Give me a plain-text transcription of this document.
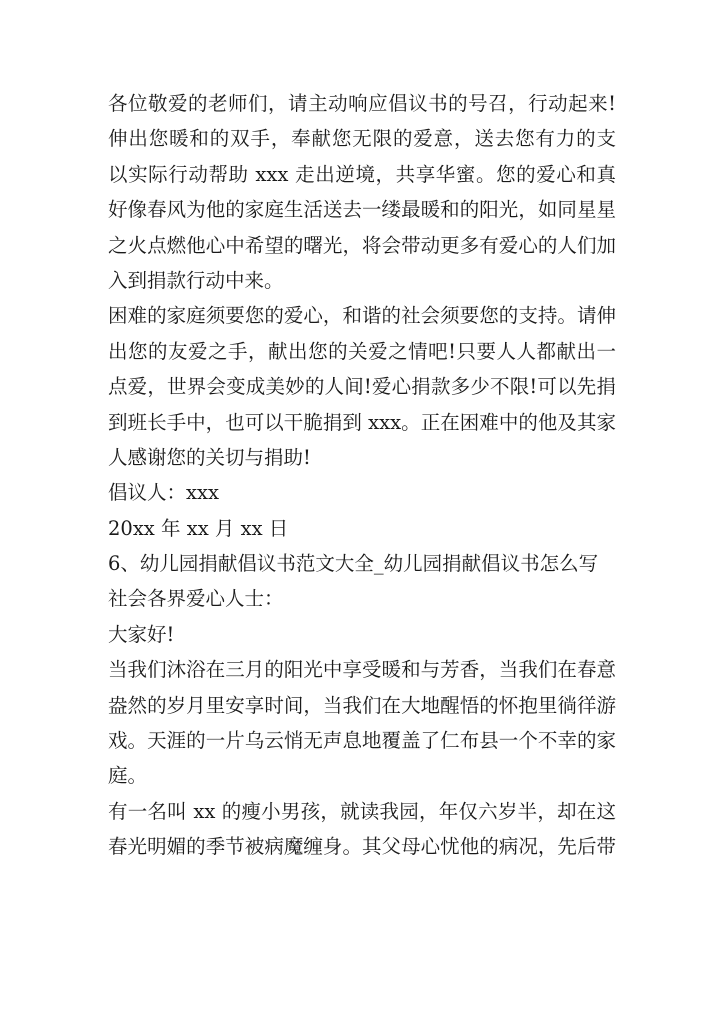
各位敬爱的老师们，请主动响应倡议书的号召，行动起来!
伸出您暖和的双手，奉献您无限的爱意，送去您有力的支
以实际行动帮助 xxx 走出逆境，共享华蜜。您的爱心和真
好像春风为他的家庭生活送去一缕最暖和的阳光，如同星星
之火点燃他心中希望的曙光，将会带动更多有爱心的人们加
入到捐款行动中来。
困难的家庭须要您的爱心，和谐的社会须要您的支持。请伸
出您的友爱之手，献出您的关爱之情吧!只要人人都献出一
点爱，世界会变成美妙的人间!爱心捐款多少不限!可以先捐
到班长手中，也可以干脆捐到 xxx。正在困难中的他及其家
人感谢您的关切与捐助!
倡议人：xxx
20xx 年 xx 月 xx 日
6、幼儿园捐献倡议书范文大全_幼儿园捐献倡议书怎么写
社会各界爱心人士：
大家好!
当我们沐浴在三月的阳光中享受暖和与芳香，当我们在春意
盎然的岁月里安享时间，当我们在大地醒悟的怀抱里徜徉游
戏。天涯的一片乌云悄无声息地覆盖了仁布县一个不幸的家
庭。
有一名叫 xx 的瘦小男孩，就读我园，年仅六岁半，却在这
春光明媚的季节被病魔缠身。其父母心忧他的病况，先后带
